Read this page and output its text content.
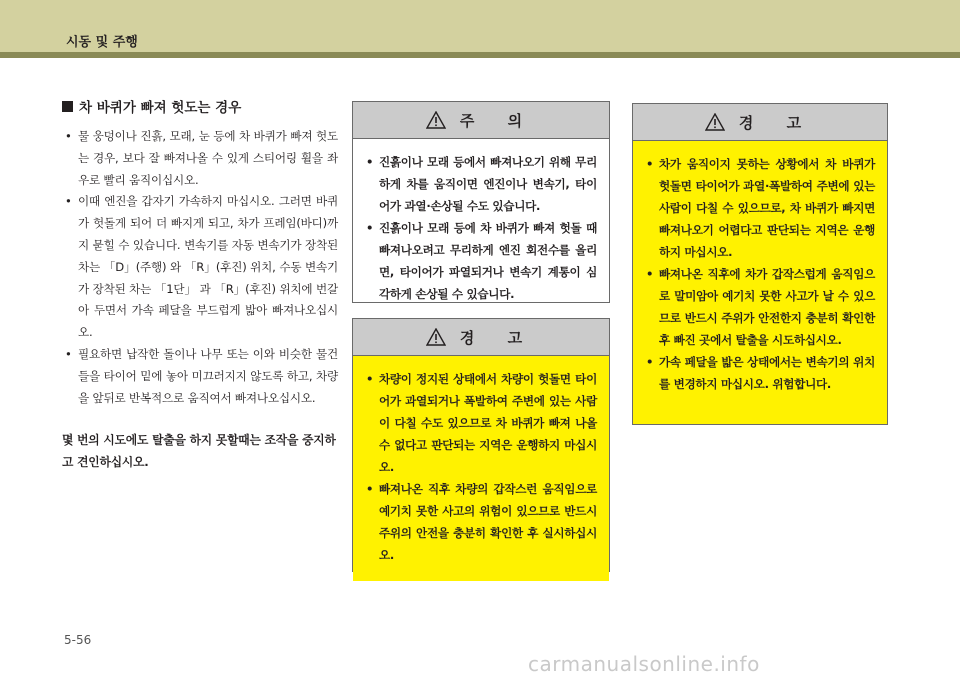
시동 및 주행
차 바퀴가 빠져 헛도는 경우
• 물 웅덩이나 진흙, 모래, 눈 등에 차 바퀴가 빠져 헛도는 경우, 보다 잘 빠져나올 수 있게 스티어링 휠을 좌우로 빨리 움직이십시오.
• 이때 엔진을 갑자기 가속하지 마십시오. 그러면 바퀴가 헛돌게 되어 더 빠지게 되고, 차가 프레임(바디)까지 묻힐 수 있습니다. 변속기를 자동 변속기가 장착된 차는 「D」(주행) 와 「R」(후진) 위치, 수동 변속기가 장착된 차는 「1단」 과 「R」(후진) 위치에 번갈아 두면서 가속 페달을 부드럽게 밟아 빠져나오십시오.
• 필요하면 납작한 돌이나 나무 또는 이와 비슷한 물건들을 타이어 밑에 놓아 미끄러지지 않도록 하고, 차량을 앞뒤로 반복적으로 움직여서 빠져나오십시오.
몇 번의 시도에도 탈출을 하지 못할때는 조작을 중지하고 견인하십시오.
주 의
• 진흙이나 모래 등에서 빠져나오기 위해 무리하게 차를 움직이면 엔진이나 변속기, 타이어가 과열·손상될 수도 있습니다.
• 진흙이나 모래 등에 차 바퀴가 빠져 헛돌 때 빠져나오려고 무리하게 엔진 회전수를 올리면, 타이어가 파열되거나 변속기 계통이 심각하게 손상될 수 있습니다.
경 고
• 차량이 정지된 상태에서 차량이 헛돌면 타이어가 과열되거나 폭발하여 주변에 있는 사람이 다칠 수도 있으므로 차 바퀴가 빠져 나올 수 없다고 판단되는 지역은 운행하지 마십시오.
• 빠져나온 직후 차량의 갑작스런 움직임으로 예기치 못한 사고의 위험이 있으므로 반드시 주위의 안전을 충분히 확인한 후 실시하십시오.
경 고
• 차가 움직이지 못하는 상황에서 차 바퀴가 헛돌면 타이어가 과열·폭발하여 주변에 있는 사람이 다칠 수 있으므로, 차 바퀴가 빠지면 빠져나오기 어렵다고 판단되는 지역은 운행하지 마십시오.
• 빠져나온 직후에 차가 갑작스럽게 움직임으로 말미암아 예기치 못한 사고가 날 수 있으므로 반드시 주위가 안전한지 충분히 확인한 후 빠진 곳에서 탈출을 시도하십시오.
• 가속 페달을 밟은 상태에서는 변속기의 위치를 변경하지 마십시오. 위험합니다.
5-56
carmanualsonline.info
